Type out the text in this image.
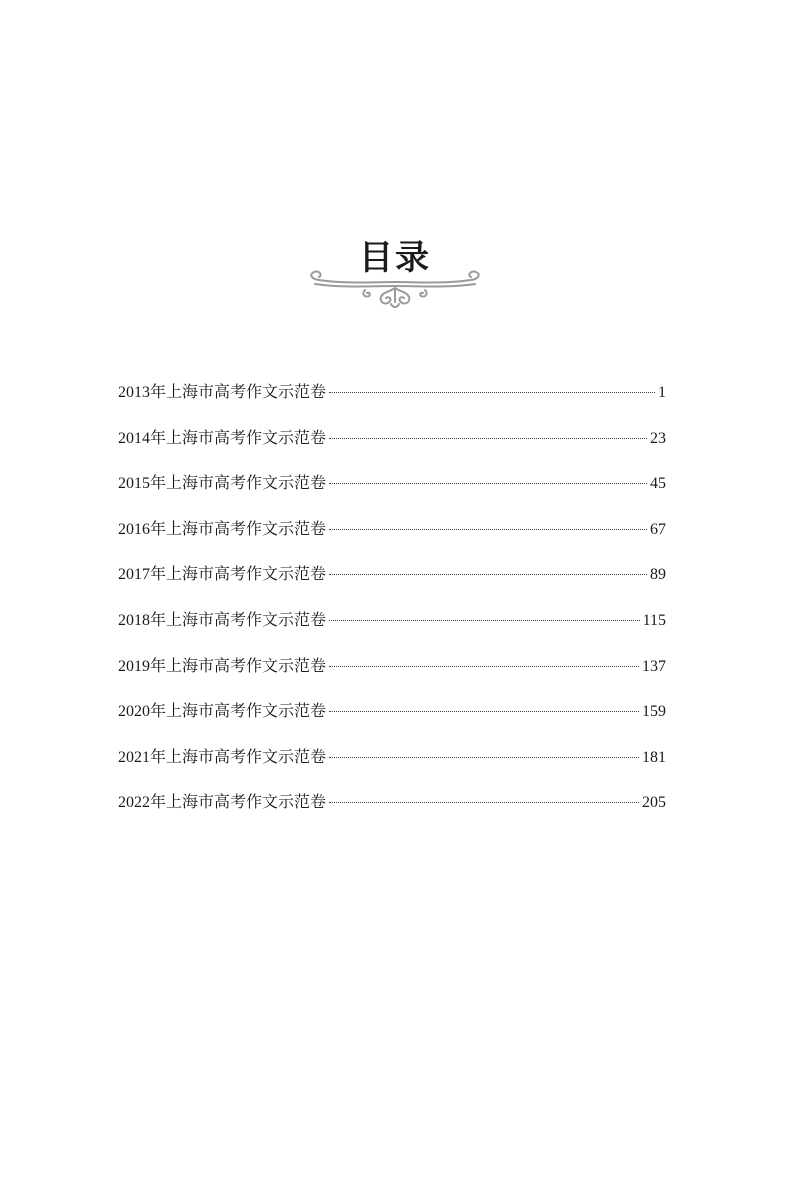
目录
2013年上海市高考作文示范卷	1
2014年上海市高考作文示范卷	23
2015年上海市高考作文示范卷	45
2016年上海市高考作文示范卷	67
2017年上海市高考作文示范卷	89
2018年上海市高考作文示范卷	115
2019年上海市高考作文示范卷	137
2020年上海市高考作文示范卷	159
2021年上海市高考作文示范卷	181
2022年上海市高考作文示范卷	205
